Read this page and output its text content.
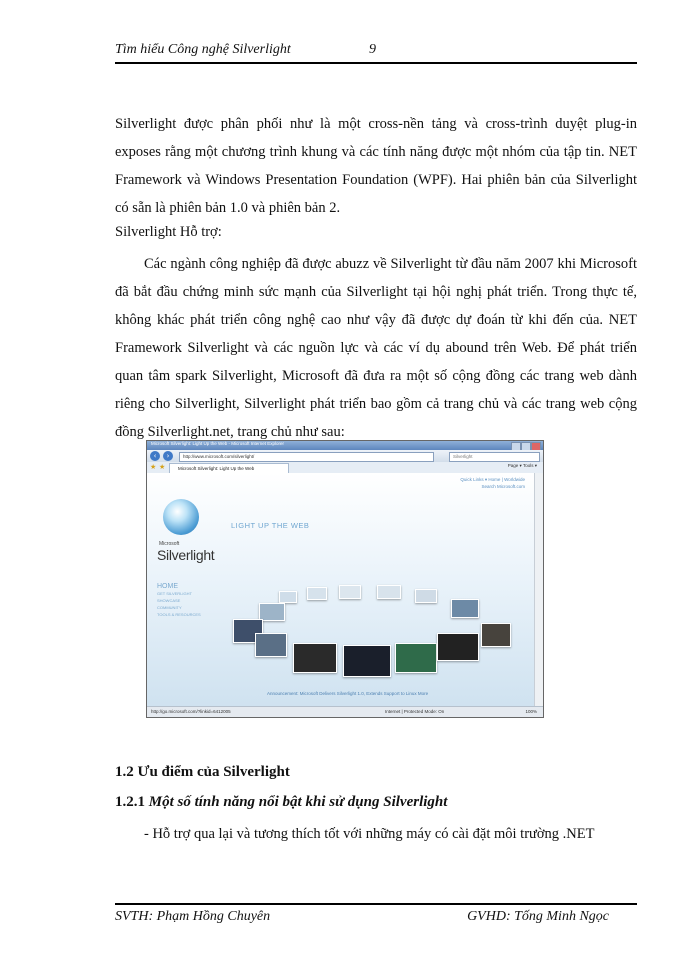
Tìm hiểu Công nghệ Silverlight	9

Silverlight được phân phối như là một cross-nền tảng và cross-trình duyệt plug-in exposes rằng một chương trình khung và các tính năng được một nhóm của tập tin. NET Framework và Windows Presentation Foundation (WPF). Hai phiên bản của Silverlight có sẵn là phiên bản 1.0 và phiên bản 2.

Silverlight Hỗ trợ:

Các ngành công nghiệp đã được abuzz về Silverlight từ đầu năm 2007 khi Microsoft đã bắt đầu chứng minh sức mạnh của Silverlight tại hội nghị phát triển. Trong thực tế, không khác phát triển công nghệ cao như vậy đã được dự đoán từ khi đến của. NET Framework Silverlight và các nguồn lực và các ví dụ abound trên Web. Để phát triển quan tâm spark Silverlight, Microsoft đã đưa ra một số cộng đồng các trang web dành riêng cho Silverlight, Silverlight phát triển bao gồm cả trang chủ và các trang web cộng đồng Silverlight.net, trang chủ như sau:

Microsoft Silverlight: Light Up the Web - Microsoft Internet Explorer
‹	›	http://www.microsoft.com/silverlight/	Silverlight
★ ★	Microsoft Silverlight: Light Up the Web
Page ▾ Tools ▾
Quick Links ▾ Home | Worldwide
Search Microsoft.com
Microsoft
Silverlight
LIGHT UP THE WEB
HOME
GET SILVERLIGHT
SHOWCASE
COMMUNITY
TOOLS & RESOURCES
Announcement: Microsoft Delivers Silverlight 1.0, Extends Support to Linux More
http://go.microsoft.com/?linkid=6412005	Internet | Protected Mode: On	100%

1.2 Ưu điểm của Silverlight

1.2.1 Một số tính năng nổi bật khi sử dụng Silverlight

- Hỗ trợ qua lại và tương thích tốt với những máy có cài đặt môi trường .NET

SVTH: Phạm Hồng Chuyên	GVHD: Tống Minh Ngọc
